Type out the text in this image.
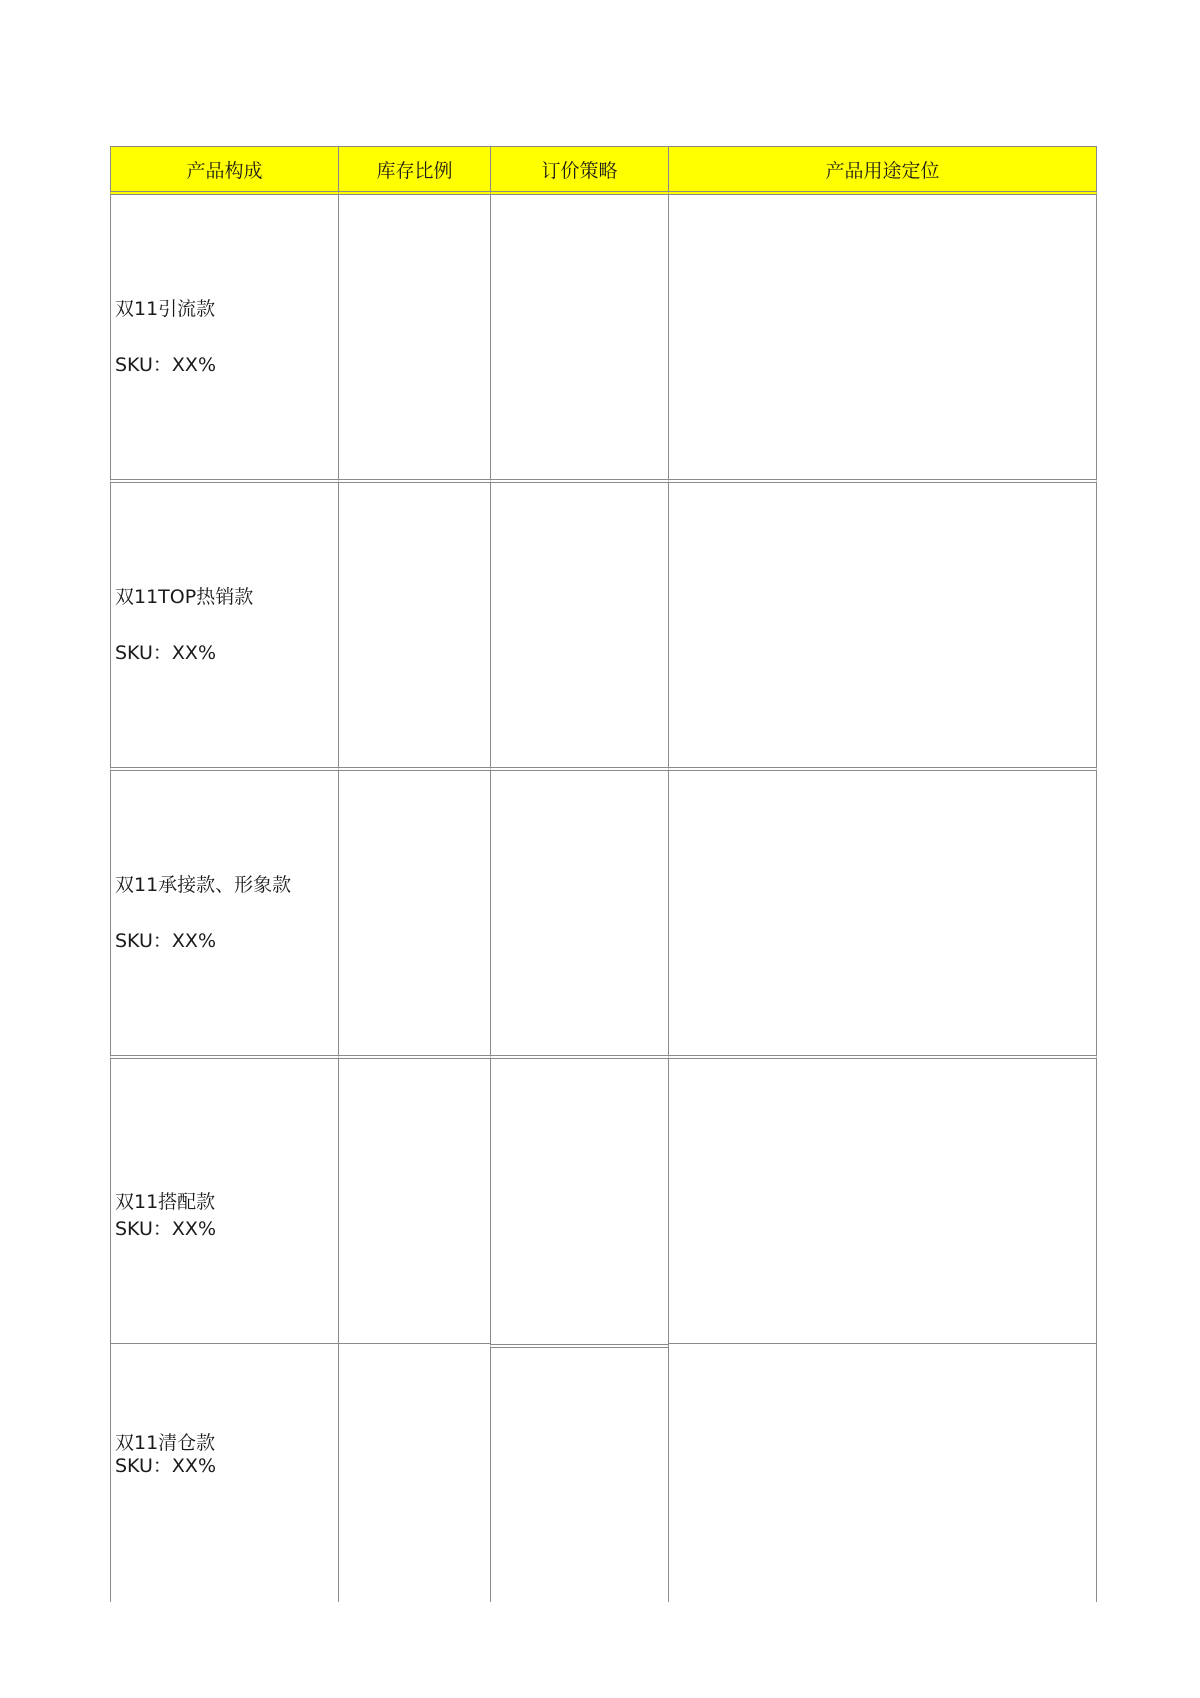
产品构成	库存比例	订价策略	产品用途定位

双11引流款
SKU：XX%			

双11TOP热销款
SKU：XX%			

双11承接款、形象款
SKU：XX%			

双11搭配款
SKU：XX%			

双11清仓款
SKU：XX%			
